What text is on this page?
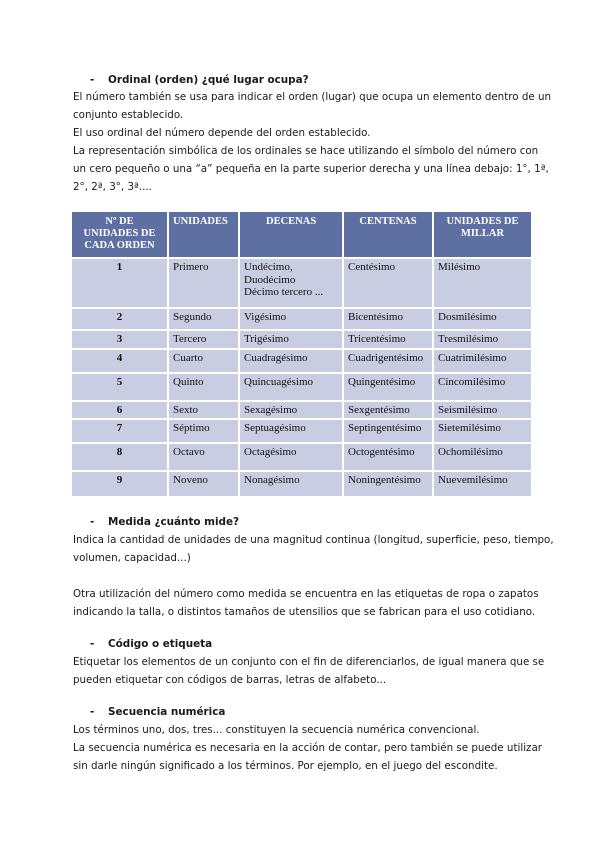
- Ordinal (orden) ¿qué lugar ocupa?
El número también se usa para indicar el orden (lugar) que ocupa un elemento dentro de un
conjunto establecido.
El uso ordinal del número depende del orden establecido.
La representación simbólica de los ordinales se hace utilizando el símbolo del número con
un cero pequeño o una “a” pequeña en la parte superior derecha y una línea debajo: 1°, 1ª,
2°, 2ª, 3°, 3ª....
Nº DE
UNIDADES DE
CADA ORDEN	UNIDADES	DECENAS	CENTENAS	UNIDADES DE
MILLAR

1	Primero	Undécimo,
Duodécimo
Décimo tercero ...	Centésimo	Milésimo
2	Segundo	Vigésimo	Bicentésimo	Dosmilésimo
3	Tercero	Trigésimo	Tricentésimo	Tresmilésimo
4	Cuarto	Cuadragésimo	Cuadrigentésimo	Cuatrimilésimo
5	Quinto	Quincuagésimo	Quingentésimo	Cincomilésimo
6	Sexto	Sexagésimo	Sexgentésimo	Seismilésimo
7	Séptimo	Septuagésimo	Septingentésimo	Sietemilésimo
8	Octavo	Octagésimo	Octogentésimo	Ochomilésimo
9	Noveno	Nonagésimo	Noningentésimo	Nuevemilésimo
- Medida ¿cuánto mide?
Indica la cantidad de unidades de una magnitud continua (longitud, superficie, peso, tiempo,
volumen, capacidad...)
Otra utilización del número como medida se encuentra en las etiquetas de ropa o zapatos
indicando la talla, o distintos tamaños de utensilios que se fabrican para el uso cotidiano.
- Código o etiqueta
Etiquetar los elementos de un conjunto con el fin de diferenciarlos, de igual manera que se
pueden etiquetar con códigos de barras, letras de alfabeto...
- Secuencia numérica
Los términos uno, dos, tres... constituyen la secuencia numérica convencional.
La secuencia numérica es necesaria en la acción de contar, pero también se puede utilizar
sin darle ningún significado a los términos. Por ejemplo, en el juego del escondite.
